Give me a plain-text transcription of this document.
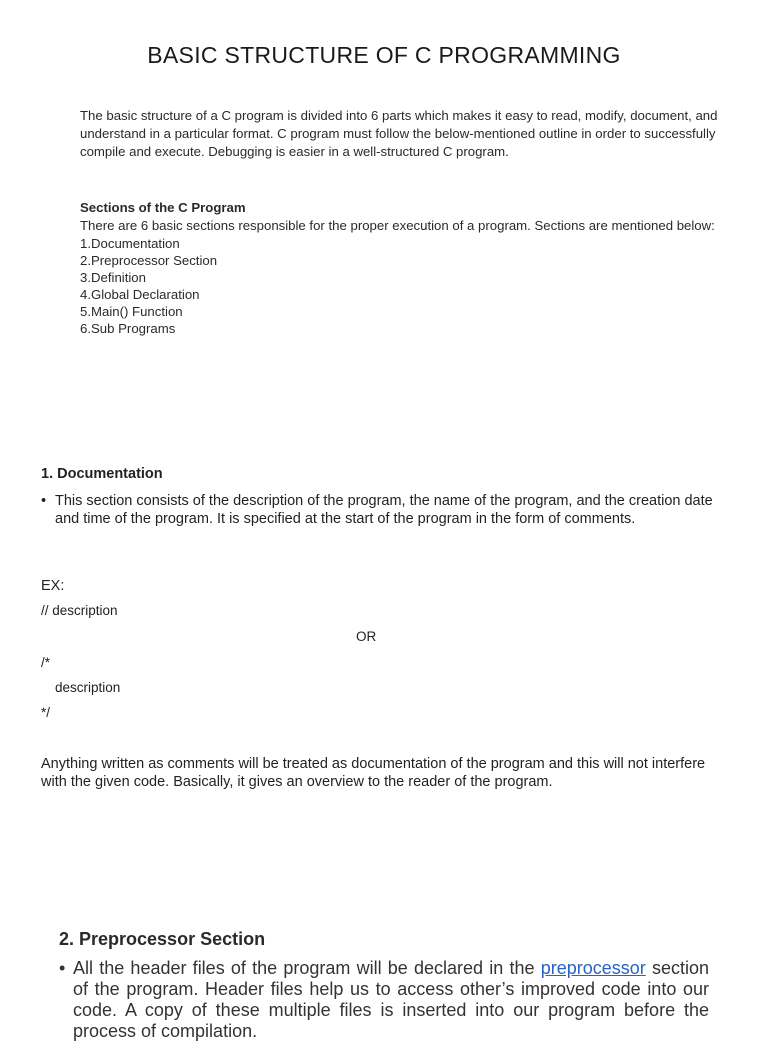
BASIC STRUCTURE OF C PROGRAMMING
The basic structure of a C program is divided into 6 parts which makes it easy to read, modify, document, and understand in a particular format. C program must follow the below-mentioned outline in order to successfully compile and execute. Debugging is easier in a well-structured C program.
Sections of the C Program
There are 6 basic sections responsible for the proper execution of a program. Sections are mentioned below:
1.Documentation
2.Preprocessor Section
3.Definition
4.Global Declaration
5.Main() Function
6.Sub Programs
1. Documentation
• This section consists of the description of the program, the name of the program, and the creation date and time of the program. It is specified at the start of the program in the form of comments.
EX:
// description
OR
/*
description
*/
Anything written as comments will be treated as documentation of the program and this will not interfere with the given code. Basically, it gives an overview to the reader of the program.
2. Preprocessor Section
• All the header files of the program will be declared in the preprocessor section of the program. Header files help us to access other’s improved code into our code. A copy of these multiple files is inserted into our program before the process of compilation.
